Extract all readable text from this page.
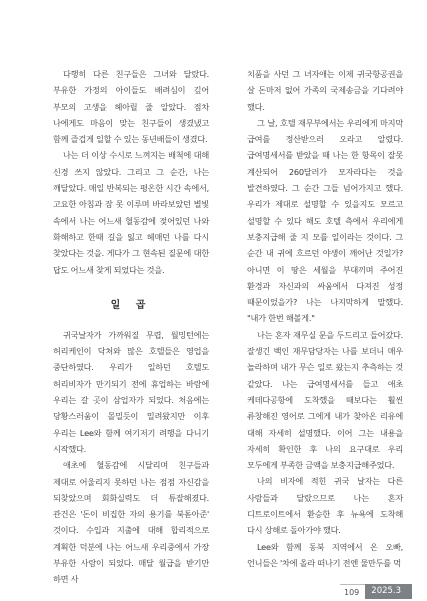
다행히 다른 친구들은 그녀와 달랐다. 부유한 가정의 아이들도 배려심이 깊어 부모의 고생을 헤아릴 줄 알았다. 점차 나에게도 마음이 맞는 친구들이 생겼냈고 함께 즐겁게 일할 수 있는 동년배들이 생겼다.

나는 더 이상 수시로 느껴지는 배척에 대해 신경 쓰지 않았다. 그리고 그 순간, 나는 깨달았다. 매일 반복되는 평온한 시간 속에서, 고요한 아침과 잠 못 이루며 바라보았던 별빛 속에서 나는 어느새 혈동감에 젖어있던 나와 화해하고 한때 길을 잃고 헤매던 나를 다시 찾았다는 것을. 게다가 그 현속된 질문에 대한 답도 어느새 찾게 되었다는 것을.

일 곱

귀국날자가 가까워질 무렵, 월밍턴에는 허리케인이 닥쳐와 많은 호텔들은 영업을 중단하였다. 우리가 일하던 호텔도 허리비자가 만기되기 전에 휴업하는 바람에 우리는 갈 곳이 삼업자가 되었다. 처음에는 당황스러움이 몰밀듯이 밀려왔지만 이후 우리는 Lee와 함께 여기저기 려행을 다니기 시작했다.

애초에 혈동감에 시달리며 친구들과 제대로 어울리지 못하던 나는 점점 자신감을 되찾았으며 회화실력도 더 튜잘해졌다. 관건은 '돈이 비집한 자의 용기를 북돋아준' 것이다. 수입과 지출에 대해 합리적으로 계획한 덕분에 나는 어느새 우리중에서 가장 부유한 사람이 되었다. 매달 월급을 받기만 하면 사

치품을 사던 그 녀자애는 이제 귀국항공권을 살 돈마저 없어 가족의 국제송금을 기다려야 했다.

그 날, 호텔 재무부에서는 우리에게 마지막 급여를 정산받으러 오라고 알렸다. 급여명세서를 받았을 때 나는 한 항목이 잘못 계산되어 260달러가 모자라다는 것을 발견하였다. 그 순간 그들 넘어가지고 했다. 우리가 제대로 설명할 수 있을지도 모르고 설명할 수 있다 해도 호텔 측에서 우리에게 보충지급해 줄 지 모를 일이라는 것이다. 그 순간 내 귀에 흐르던 야생이 깨어난 것일가? 아니면 이 땅은 세월을 부대끼며 주어진 환경과 자신과의 싸움에서 다져진 성정 때문이었을가? 나는 나지막하게 말했다. "내가 한번 해볼게."

나는 혼자 재무실 문을 두드리고 들어갔다. 잘생긴 백인 재무담당자는 나를 보더니 매우 놀라하며 내가 무슨 일로 왔는지 추측하는 것 같았다. 나는 급여명세서를 들고 애초 케데다공항에 도착했을 때보다는 훨씬 류창해진 영어로 그에게 내가 찾아온 리유에 대해 자세히 설명했다. 이어 그는 내용을 자세히 확인한 후 나의 요구대로 우리 모두에게 부족한 금액을 보충지급해주었다.

나의 비자에 적힌 귀국 날자는 다른 사람들과 달랐으므로 나는 혼자 디트로이트에서 환승한 후 뉴욕에 도착해 다시 상해로 돌아가야 했다.

Lee와 함께 동북 지역에서 온 오빠, 언니들은 '차에 올라 떠나기 전엔 물만두를 먹

109	2025.3
